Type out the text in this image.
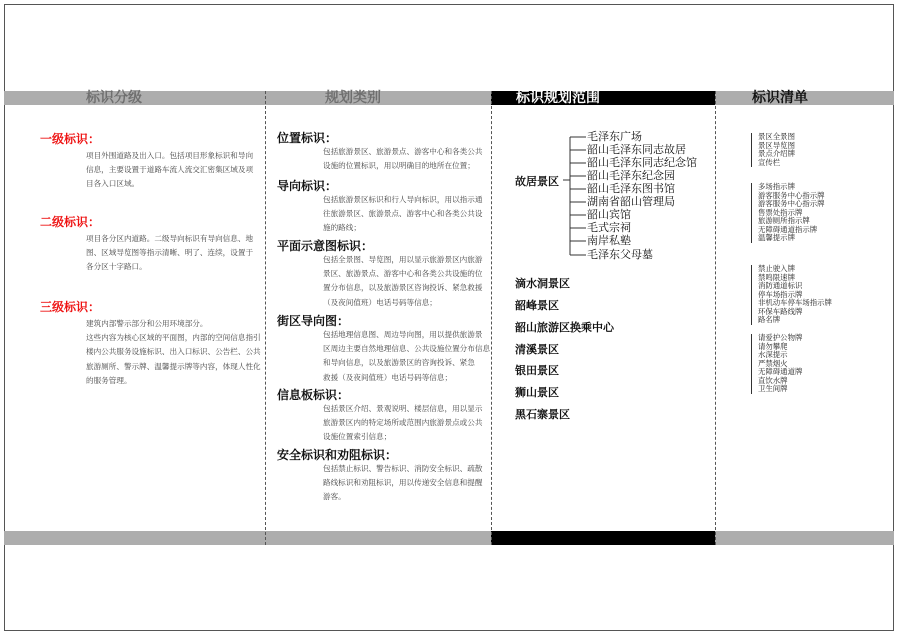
标识分级	规划类别	标识规划范围	标识清单
一级标识：
项目外围道路及出入口。包括项目形象标识和导向
信息，主要设置于道路车流人流交汇密集区域及项
目各入口区域。
二级标识：
项目各分区内道路。二级导向标识有导向信息、地
图、区域导览图等指示清晰、明了、连续，设置于
各分区十字路口。
三级标识：
建筑内部警示部分和公用环境部分。
这些内容为核心区域的平面图，内部的空间信息指引
楼内公共服务设施标识、出入口标识、公告栏、公共
旅游厕所、警示牌、温馨提示牌等内容，体现人性化
的服务管理。
位置标识：
包括旅游景区、旅游景点、游客中心和各类公共
设施的位置标识，用以明确目的地所在位置；
导向标识：
包括旅游景区标识和行人导向标识，用以指示通
往旅游景区、旅游景点、游客中心和各类公共设
施的路线；
平面示意图标识：
包括全景图、导览图，用以显示旅游景区内旅游
景区、旅游景点、游客中心和各类公共设施的位
置分布信息，以及旅游景区咨询投诉、紧急救援
（及夜间值班）电话号码等信息；
街区导向图：
包括地理信息图、周边导向图，用以提供旅游景
区周边主要自然地理信息、公共设施位置分布信息
和导向信息，以及旅游景区的咨询投诉、紧急
救援（及夜间值班）电话号码等信息；
信息板标识：
包括景区介绍、景观说明、楼层信息，用以显示
旅游景区内的特定场所或范围内旅游景点或公共
设施位置索引信息；
安全标识和劝阻标识：
包括禁止标识、警告标识、消防安全标识、疏散
路线标识和劝阻标识，用以传递安全信息和提醒
游客。
故居景区
毛泽东广场
韶山毛泽东同志故居
韶山毛泽东同志纪念馆
韶山毛泽东纪念园
韶山毛泽东图书馆
湖南省韶山管理局
韶山宾馆
毛式宗祠
南岸私塾
毛泽东父母墓
滴水洞景区
韶峰景区
韶山旅游区换乘中心
清溪景区
银田景区
狮山景区
黑石寨景区
景区全景图
景区导览图
景点介绍牌
宣传栏
多场指示牌
游客服务中心指示牌
游客服务中心指示牌
售票处指示牌
旅游厕所指示牌
无障碍通道指示牌
温馨提示牌
禁止驶入牌
禁鸣限速牌
消防通道标识
停车场指示牌
非机动车停车场指示牌
环保车路线牌
路名牌
请爱护公物牌
请勿攀爬
水深提示
严禁烟火
无障碍通道牌
直饮水牌
卫生间牌
